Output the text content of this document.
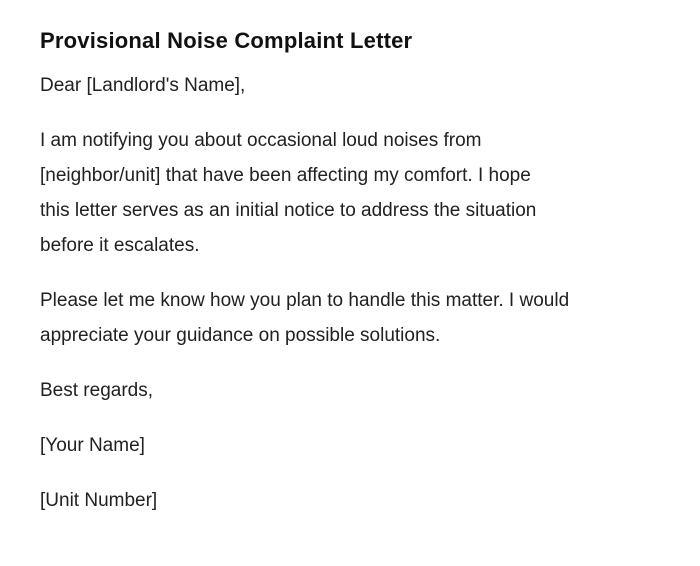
Provisional Noise Complaint Letter

Dear [Landlord's Name],

I am notifying you about occasional loud noises from
[neighbor/unit] that have been affecting my comfort. I hope
this letter serves as an initial notice to address the situation
before it escalates.

Please let me know how you plan to handle this matter. I would
appreciate your guidance on possible solutions.

Best regards,

[Your Name]

[Unit Number]
